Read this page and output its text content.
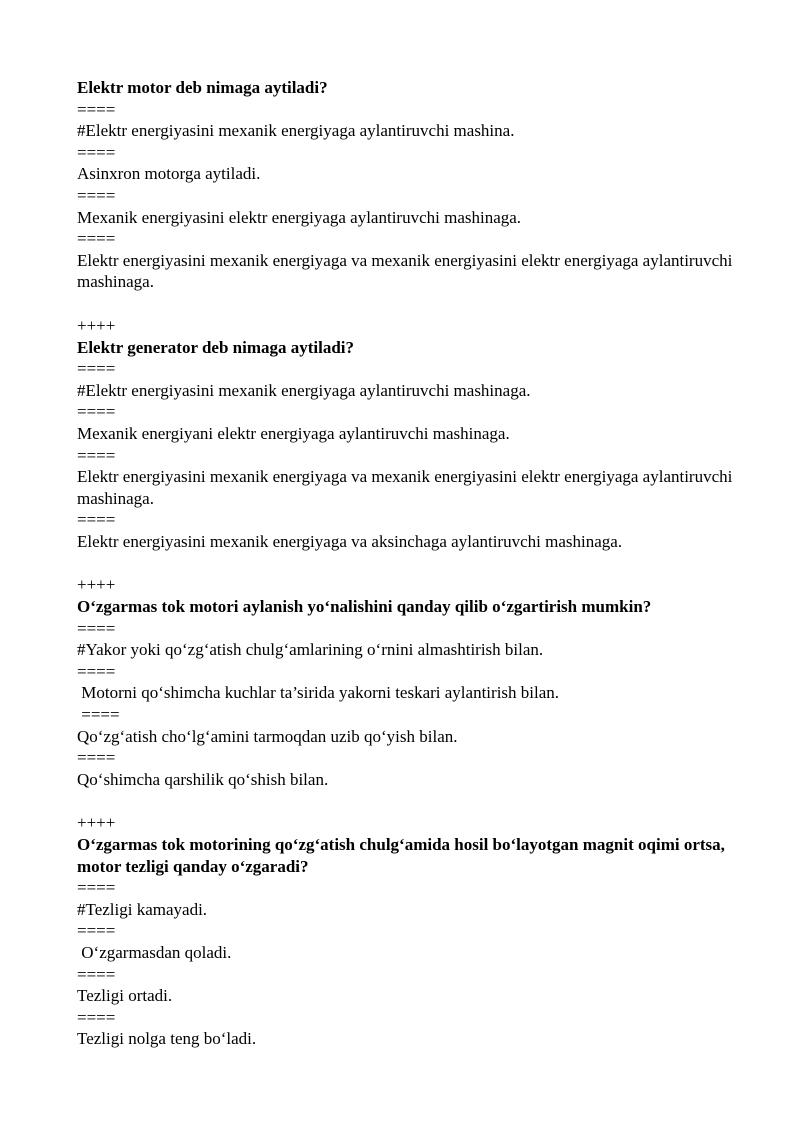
Elektr motor deb nimaga aytiladi?
====
#Elektr energiyasini mexanik energiyaga aylantiruvchi mashina.
====
Asinxron motorga aytiladi.
====
Mexanik energiyasini elektr energiyaga aylantiruvchi mashinaga.
====
Elektr energiyasini mexanik energiyaga va mexanik energiyasini elektr energiyaga aylantiruvchi mashinaga.
++++
Elektr generator deb nimaga aytiladi?
====
#Elektr energiyasini mexanik energiyaga aylantiruvchi mashinaga.
====
Mexanik energiyani elektr energiyaga aylantiruvchi mashinaga.
====
Elektr energiyasini mexanik energiyaga va mexanik energiyasini elektr energiyaga aylantiruvchi mashinaga.
====
Elektr energiyasini mexanik energiyaga va aksinchaga aylantiruvchi mashinaga.
++++
O‘zgarmas tok motori aylanish yo‘nalishini qanday qilib o‘zgartirish mumkin?
====
#Yakor yoki qo‘zg‘atish chulg‘amlarining o‘rnini almashtirish bilan.
====
Motorni qo‘shimcha kuchlar ta’sirida yakorni teskari aylantirish bilan.
====
Qo‘zg‘atish cho‘lg‘amini tarmoqdan uzib qo‘yish bilan.
====
Qo‘shimcha qarshilik qo‘shish bilan.
++++
O‘zgarmas tok motorining qo‘zg‘atish chulg‘amida hosil bo‘layotgan magnit oqimi ortsa, motor tezligi qanday o‘zgaradi?
====
#Tezligi kamayadi.
====
O‘zgarmasdan qoladi.
====
Tezligi ortadi.
====
Tezligi nolga teng bo‘ladi.
